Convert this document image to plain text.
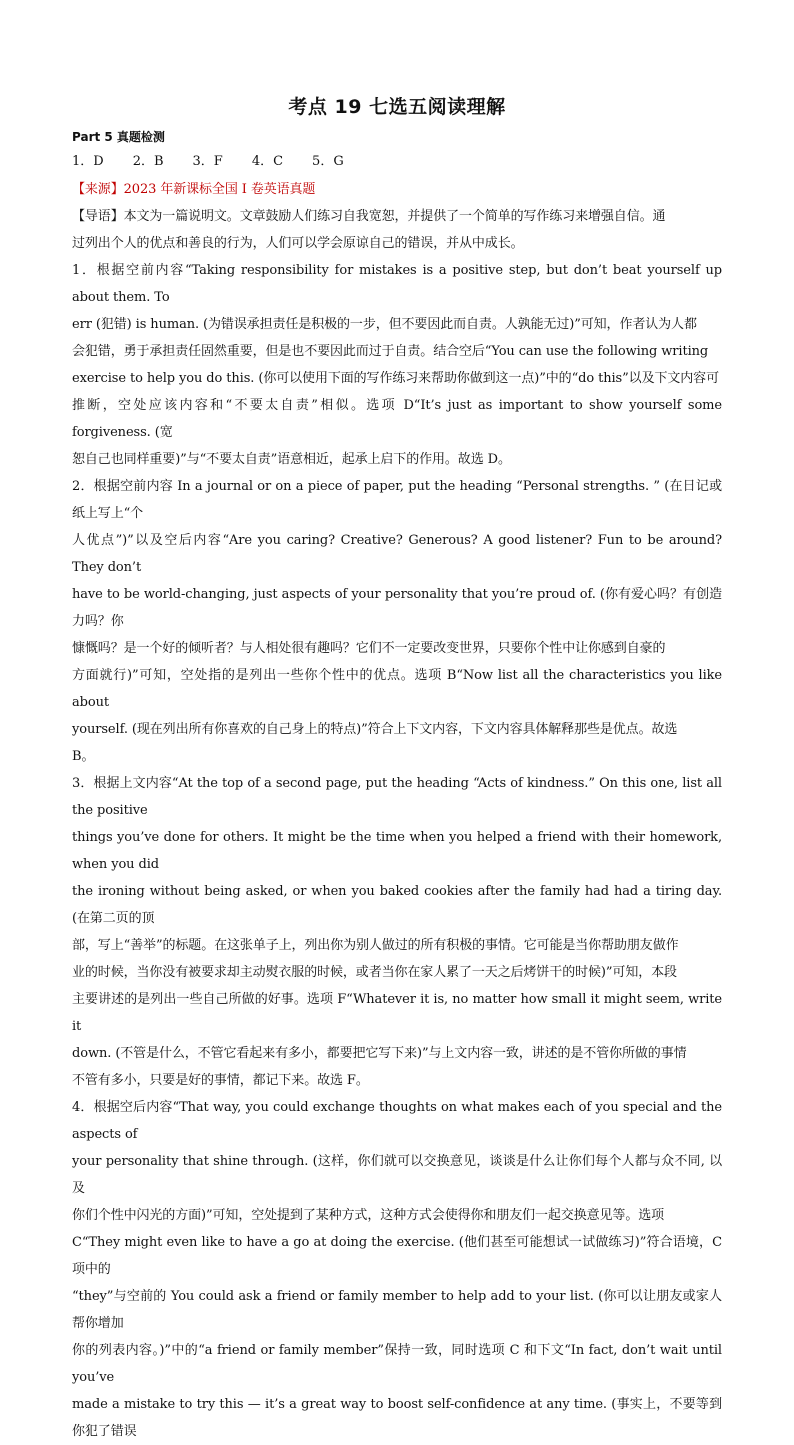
考点 19 七选五阅读理解
Part 5 真题检测
1．D 2．B 3．F 4．C 5．G
【来源】2023 年新课标全国 I 卷英语真题
【导语】本文为一篇说明文。文章鼓励人们练习自我宽恕，并提供了一个简单的写作练习来增强自信。通
过列出个人的优点和善良的行为，人们可以学会原谅自己的错误，并从中成长。
1．根据空前内容“Taking responsibility for mistakes is a positive step, but don’t beat yourself up about them. To
err (犯错) is human. (为错误承担责任是积极的一步，但不要因此而自责。人孰能无过)”可知，作者认为人都
会犯错，勇于承担责任固然重要，但是也不要因此而过于自责。结合空后“You can use the following writing
exercise to help you do this. (你可以使用下面的写作练习来帮助你做到这一点)”中的“do this”以及下文内容可
推断，空处应该内容和“不要太自责”相似。选项 D“It’s just as important to show yourself some forgiveness. (宽
恕自己也同样重要)”与“不要太自责”语意相近，起承上启下的作用。故选 D。
2．根据空前内容 In a journal or on a piece of paper, put the heading “Personal strengths. ” (在日记或纸上写上“个
人优点”)”以及空后内容“Are you caring? Creative? Generous? A good listener? Fun to be around? They don’t
have to be world-changing, just aspects of your personality that you’re proud of. (你有爱心吗？有创造力吗？你
慷慨吗？是一个好的倾听者？与人相处很有趣吗？它们不一定要改变世界，只要你个性中让你感到自豪的
方面就行)”可知，空处指的是列出一些你个性中的优点。选项 B“Now list all the characteristics you like about
yourself. (现在列出所有你喜欢的自己身上的特点)”符合上下文内容，下文内容具体解释那些是优点。故选
B。
3．根据上文内容“At the top of a second page, put the heading “Acts of kindness.” On this one, list all the positive
things you’ve done for others. It might be the time when you helped a friend with their homework, when you did
the ironing without being asked, or when you baked cookies after the family had had a tiring day. (在第二页的顶
部，写上“善举”的标题。在这张单子上，列出你为别人做过的所有积极的事情。它可能是当你帮助朋友做作
业的时候，当你没有被要求却主动熨衣服的时候，或者当你在家人累了一天之后烤饼干的时候)”可知，本段
主要讲述的是列出一些自己所做的好事。选项 F“Whatever it is, no matter how small it might seem, write it
down. (不管是什么，不管它看起来有多小，都要把它写下来)”与上文内容一致，讲述的是不管你所做的事情
不管有多小，只要是好的事情，都记下来。故选 F。
4．根据空后内容“That way, you could exchange thoughts on what makes each of you special and the aspects of
your personality that shine through. (这样，你们就可以交换意见，谈谈是什么让你们每个人都与众不同, 以及
你们个性中闪光的方面)”可知，空处提到了某种方式，这种方式会使得你和朋友们一起交换意见等。选项
C“They might even like to have a go at doing the exercise. (他们甚至可能想试一试做练习)”符合语境，C 项中的
“they”与空前的 You could ask a friend or family member to help add to your list. (你可以让朋友或家人帮你增加
你的列表内容。)”中的“a friend or family member”保持一致，同时选项 C 和下文“In fact, don’t wait until you’ve
made a mistake to try this — it’s a great way to boost self-confidence at any time. (事实上，不要等到你犯了错误
